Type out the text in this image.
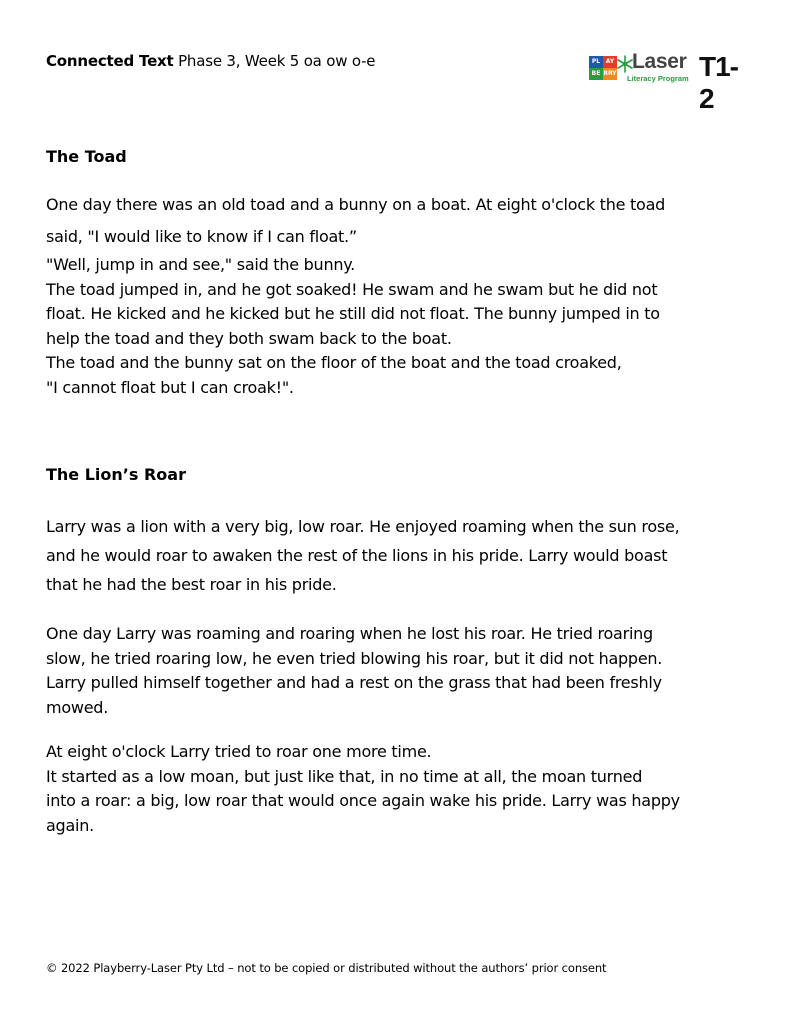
Connected Text Phase 3, Week 5 oa ow o-e	PL AY
BE RRY
Laser
Literacy Program T1-2
The Toad
One day there was an old toad and a bunny on a boat. At eight o'clock the toad
said, "I would like to know if I can float.”
"Well, jump in and see," said the bunny.
The toad jumped in, and he got soaked! He swam and he swam but he did not
float. He kicked and he kicked but he still did not float. The bunny jumped in to
help the toad and they both swam back to the boat.
The toad and the bunny sat on the floor of the boat and the toad croaked,
"I cannot float but I can croak!".
The Lion’s Roar
Larry was a lion with a very big, low roar. He enjoyed roaming when the sun rose,
and he would roar to awaken the rest of the lions in his pride. Larry would boast
that he had the best roar in his pride.
One day Larry was roaming and roaring when he lost his roar. He tried roaring
slow, he tried roaring low, he even tried blowing his roar, but it did not happen.
Larry pulled himself together and had a rest on the grass that had been freshly
mowed.
At eight o'clock Larry tried to roar one more time.
It started as a low moan, but just like that, in no time at all, the moan turned
into a roar: a big, low roar that would once again wake his pride. Larry was happy
again.
© 2022 Playberry-Laser Pty Ltd – not to be copied or distributed without the authors’ prior consent
